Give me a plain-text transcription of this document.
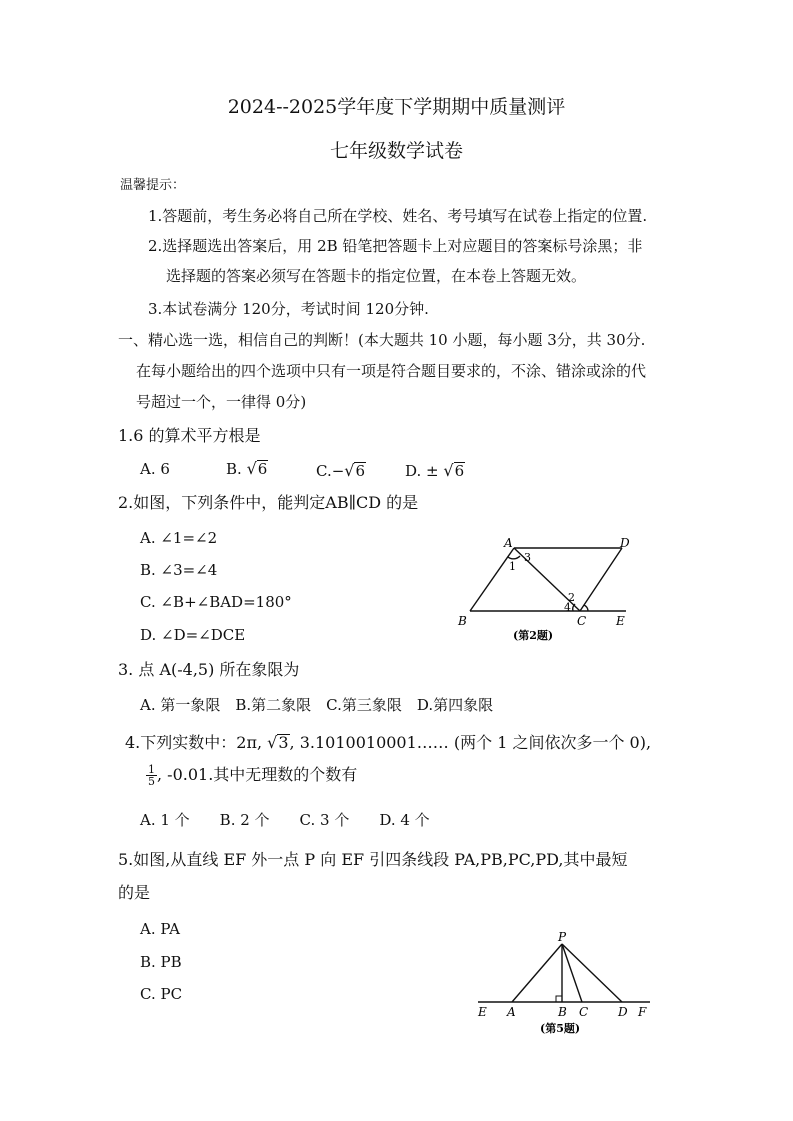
2024--2025学年度下学期期中质量测评
七年级数学试卷
温馨提示：
1.答题前，考生务必将自己所在学校、姓名、考号填写在试卷上指定的位置.
2.选择题选出答案后，用 2B 铅笔把答题卡上对应题目的答案标号涂黑；非
选择题的答案必须写在答题卡的指定位置，在本卷上答题无效。
3.本试卷满分 120分，考试时间 120分钟.
一、精心选一选，相信自己的判断！(本大题共 10 小题，每小题 3分，共 30分.
在每小题给出的四个选项中只有一项是符合题目要求的，不涂、错涂或涂的代
号超过一个，一律得 0分)
1.6 的算术平方根是
A. 6	B. √6	C.−√6	D. ± √6
2.如图，下列条件中，能判定AB∥CD 的是
A. ∠1=∠2
B. ∠3=∠4
C. ∠B+∠BAD=180°
D. ∠D=∠DCE
A	D
B	C E
1
2
3
4
(第2题)
3. 点 A(-4,5) 所在象限为
A. 第一象限　B.第二象限　C.第三象限　D.第四象限
4.下列实数中：2π, √3, 3.1010010001…… (两个 1 之间依次多一个 0),
$\frac{1}{5}$ , -0.01.其中无理数的个数有
A. 1 个　　B. 2 个　　C. 3 个　　D. 4 个
5.如图,从直线 EF 外一点 P 向 EF 引四条线段 PA,PB,PC,PD,其中最短
的是
A. PA
B. PB
C. PC
P
E A	B C D F
(第5题)
